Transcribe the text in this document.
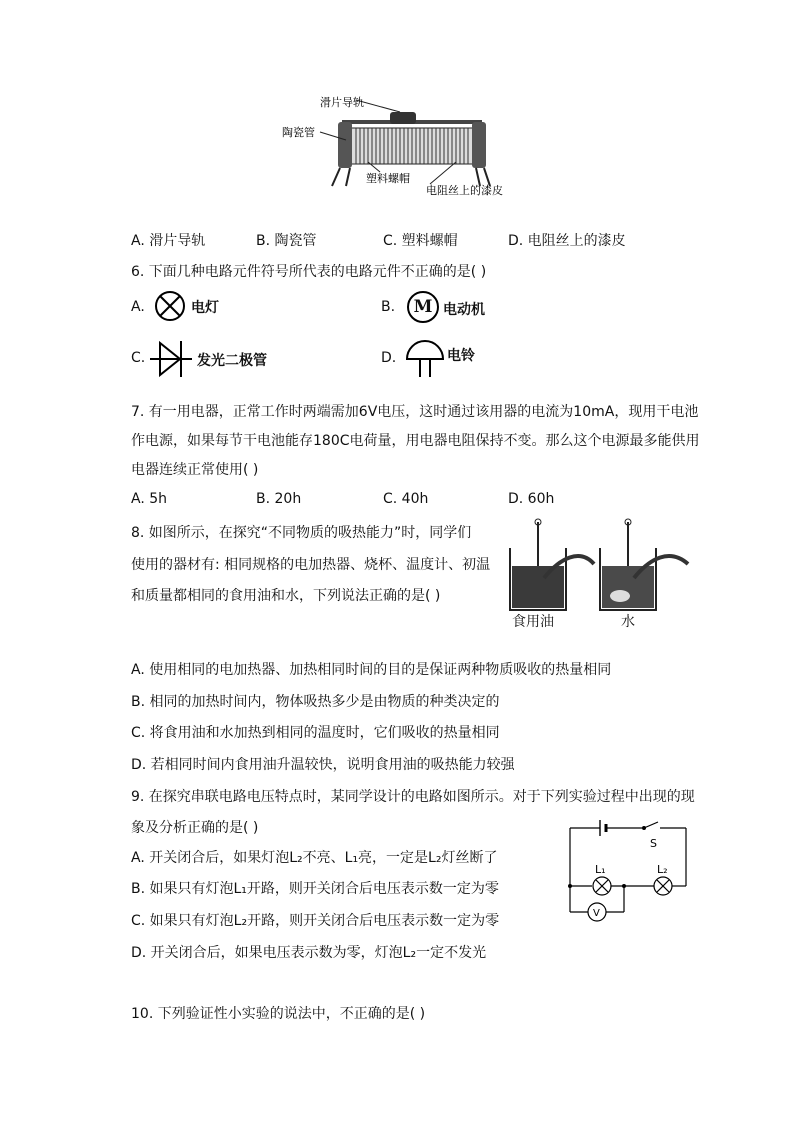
滑片导轨
陶瓷管
塑料螺帽
电阻丝上的漆皮
A. 滑片导轨	B. 陶瓷管	C. 塑料螺帽	D. 电阻丝上的漆皮
6. 下面几种电路元件符号所代表的电路元件不正确的是( )
A.	电灯	B.	M 电动机
C.	发光二极管	D.	电铃
7. 有一用电器，正常工作时两端需加6V电压，这时通过该用器的电流为10mA，现用干电池
作电源，如果每节干电池能存180C电荷量，用电器电阻保持不变。那么这个电源最多能供用
电器连续正常使用( )
A. 5h	B. 20h	C. 40h	D. 60h
8. 如图所示，在探究“不同物质的吸热能力”时，同学们
使用的器材有: 相同规格的电加热器、烧杯、温度计、初温
和质量都相同的食用油和水，下列说法正确的是( )
食用油	水
A. 使用相同的电加热器、加热相同时间的目的是保证两种物质吸收的热量相同
B. 相同的加热时间内，物体吸热多少是由物质的种类决定的
C. 将食用油和水加热到相同的温度时，它们吸收的热量相同
D. 若相同时间内食用油升温较快，说明食用油的吸热能力较强
9. 在探究串联电路电压特点时，某同学设计的电路如图所示。对于下列实验过程中出现的现
象及分析正确的是( )
A. 开关闭合后，如果灯泡L₂不亮、L₁亮，一定是L₂灯丝断了
B. 如果只有灯泡L₁开路，则开关闭合后电压表示数一定为零
C. 如果只有灯泡L₂开路，则开关闭合后电压表示数一定为零
D. 开关闭合后，如果电压表示数为零，灯泡L₂一定不发光
S
L₁	L₂
V
10. 下列验证性小实验的说法中，不正确的是( )
